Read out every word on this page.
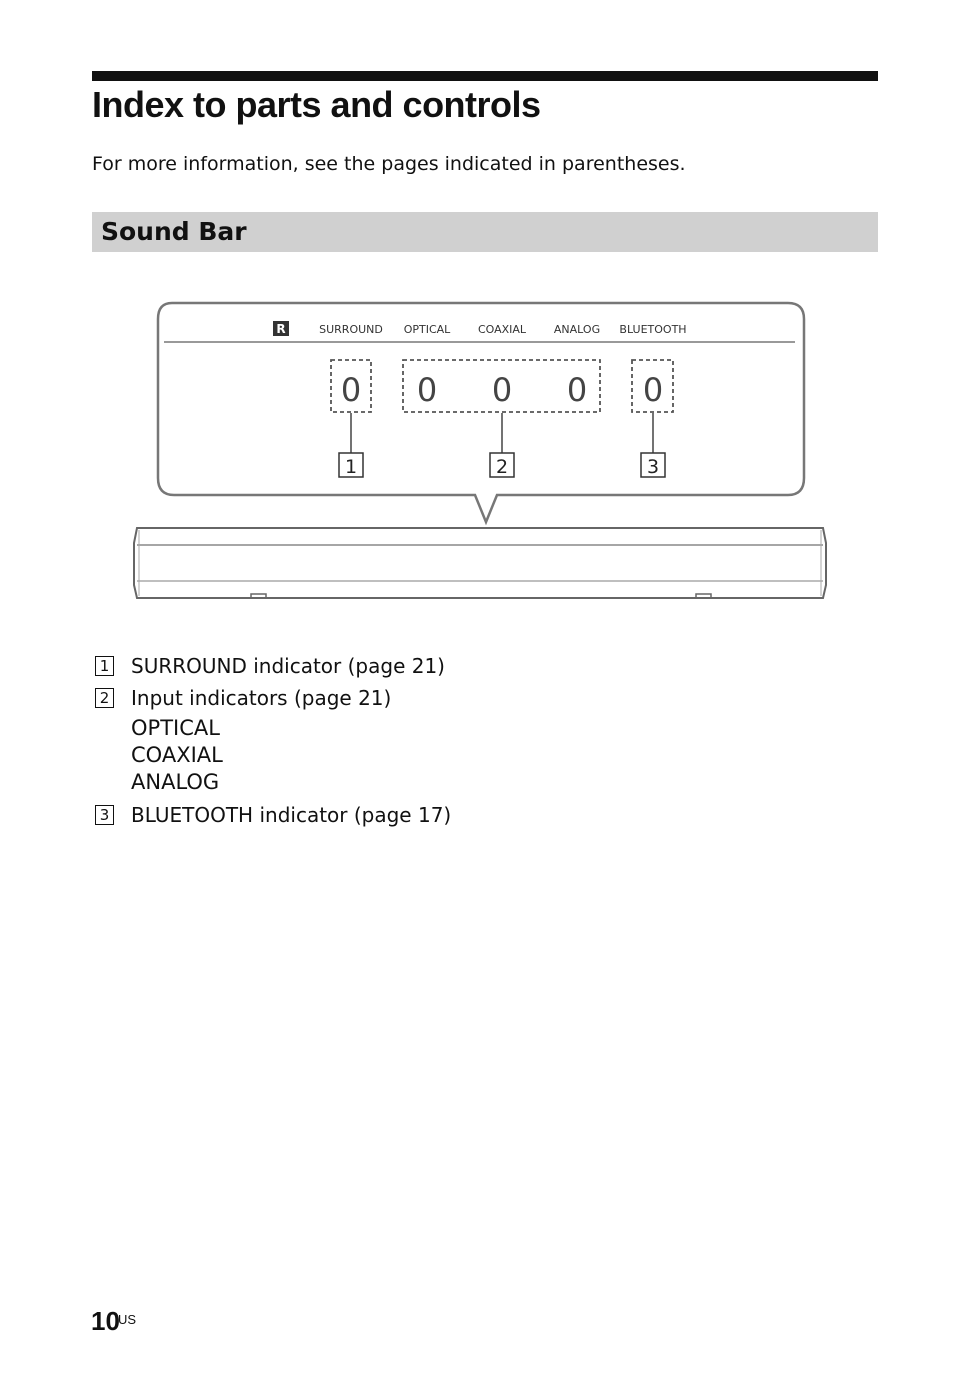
Index to parts and controls

For more information, see the pages indicated in parentheses.

Sound Bar
R	SURROUND OPTICAL	COAXIAL	ANALOG BLUETOOTH
0 0 0 0 0
1	2	3
1 SURROUND indicator (page 21)
2 Input indicators (page 21)
OPTICAL
COAXIAL
ANALOG
3 BLUETOOTH indicator (page 17)
10
US
